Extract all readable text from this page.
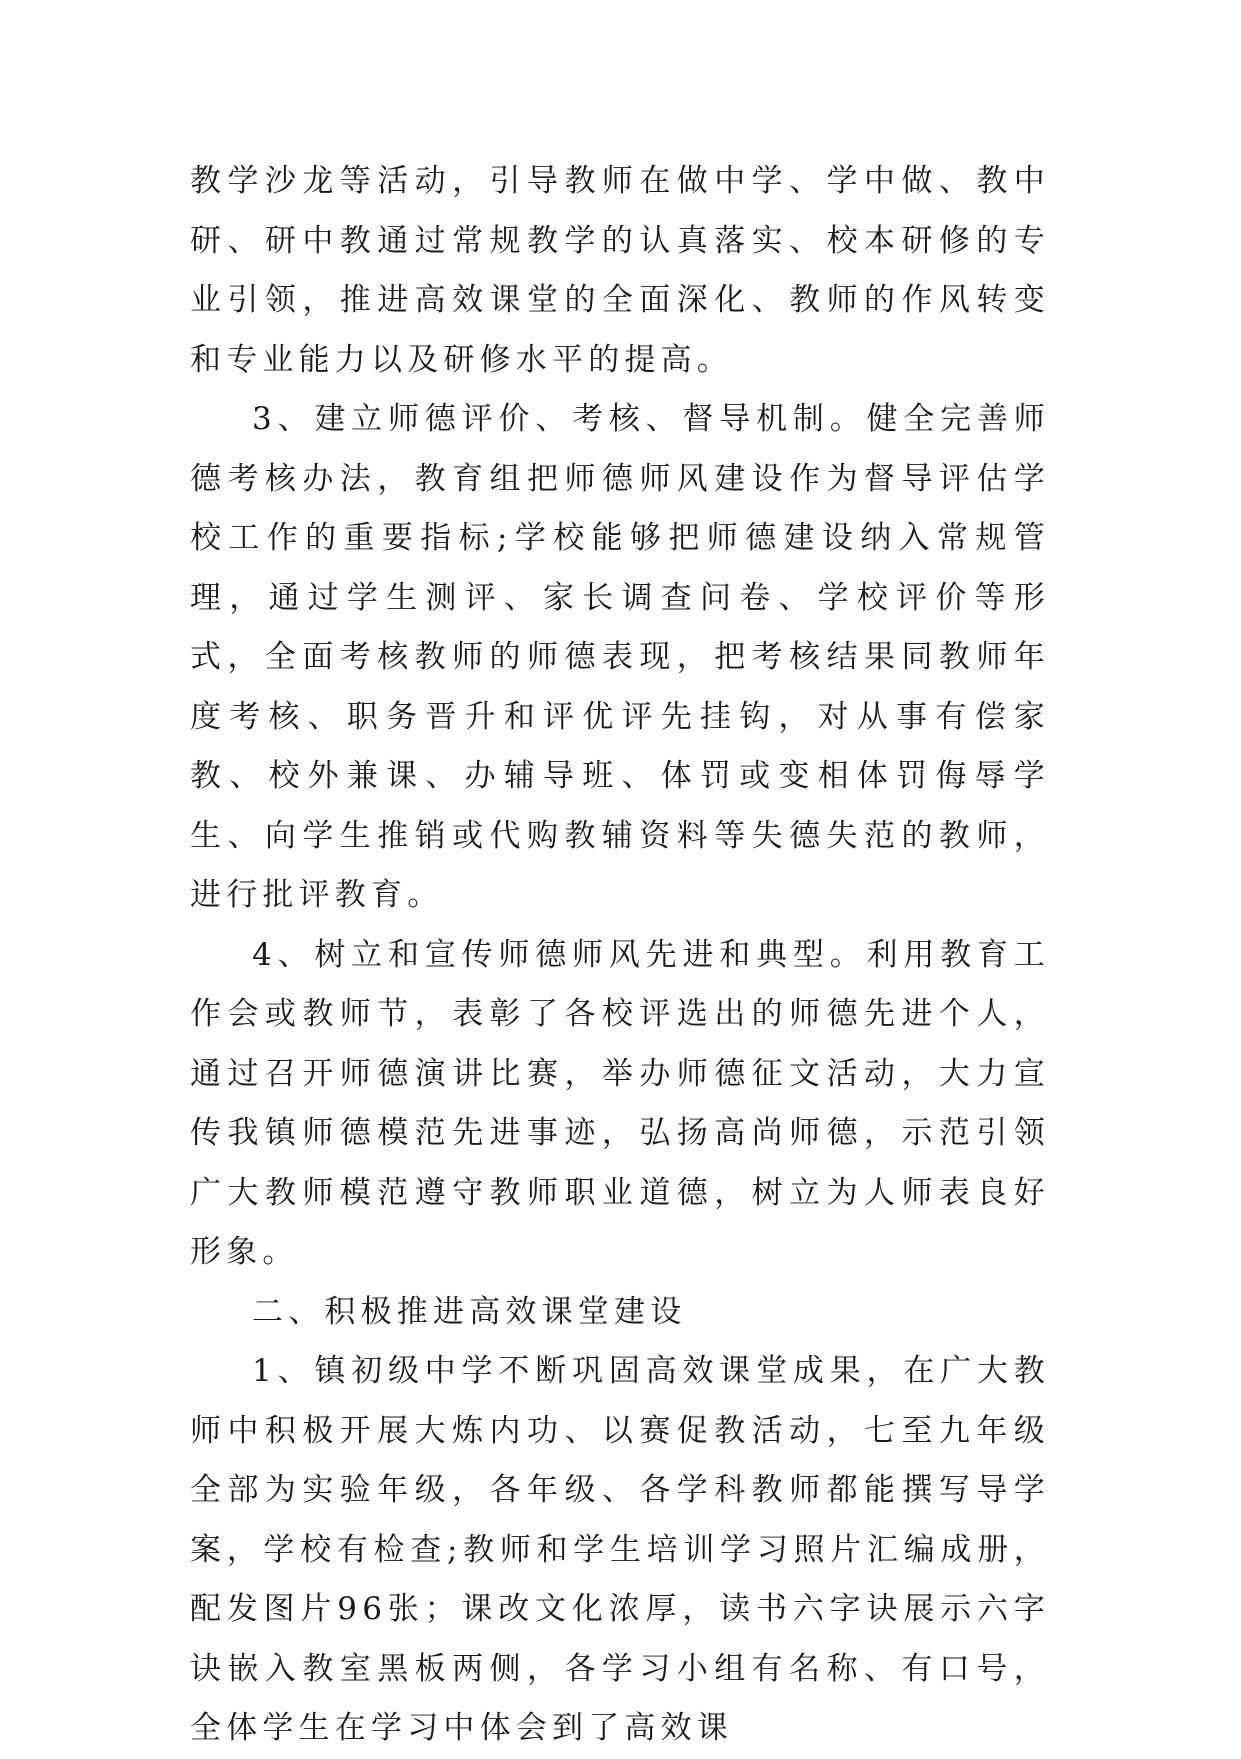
教学沙龙等活动，引导教师在做中学、学中做、教中研、研中教通过常规教学的认真落实、校本研修的专业引领，推进高效课堂的全面深化、教师的作风转变和专业能力以及研修水平的提高。

3、建立师德评价、考核、督导机制。健全完善师德考核办法，教育组把师德师风建设作为督导评估学校工作的重要指标;学校能够把师德建设纳入常规管理，通过学生测评、家长调查问卷、学校评价等形式，全面考核教师的师德表现，把考核结果同教师年度考核、职务晋升和评优评先挂钩，对从事有偿家教、校外兼课、办辅导班、体罚或变相体罚侮辱学生、向学生推销或代购教辅资料等失德失范的教师，进行批评教育。

4、树立和宣传师德师风先进和典型。利用教育工作会或教师节，表彰了各校评选出的师德先进个人，通过召开师德演讲比赛，举办师德征文活动，大力宣传我镇师德模范先进事迹，弘扬高尚师德，示范引领广大教师模范遵守教师职业道德，树立为人师表良好形象。

二、积极推进高效课堂建设

1、镇初级中学不断巩固高效课堂成果，在广大教师中积极开展大炼内功、以赛促教活动，七至九年级全部为实验年级，各年级、各学科教师都能撰写导学案，学校有检查;教师和学生培训学习照片汇编成册，配发图片96张；课改文化浓厚，读书六字诀展示六字诀嵌入教室黑板两侧，各学习小组有名称、有口号，全体学生在学习中体会到了高效课
